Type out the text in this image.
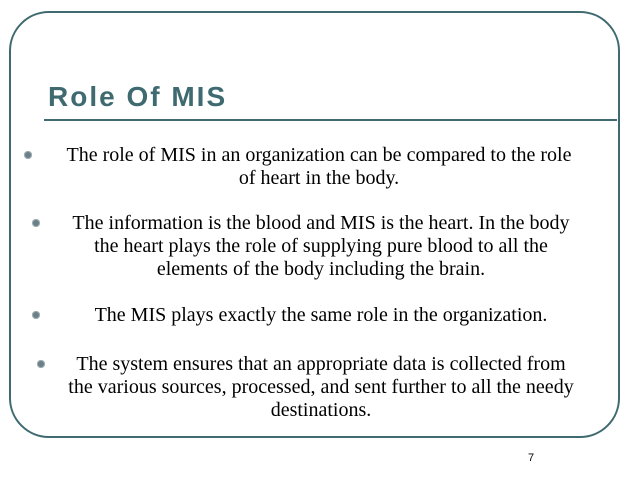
Role Of MIS
The role of MIS in an organization can be compared to the role of heart in the body.
The information is the blood and MIS is the heart. In the body the heart plays the role of supplying pure blood to all the elements of the body including the brain.
The MIS plays exactly the same role in the organization.
The system ensures that an appropriate data is collected from the various sources, processed, and sent further to all the needy destinations.
7
